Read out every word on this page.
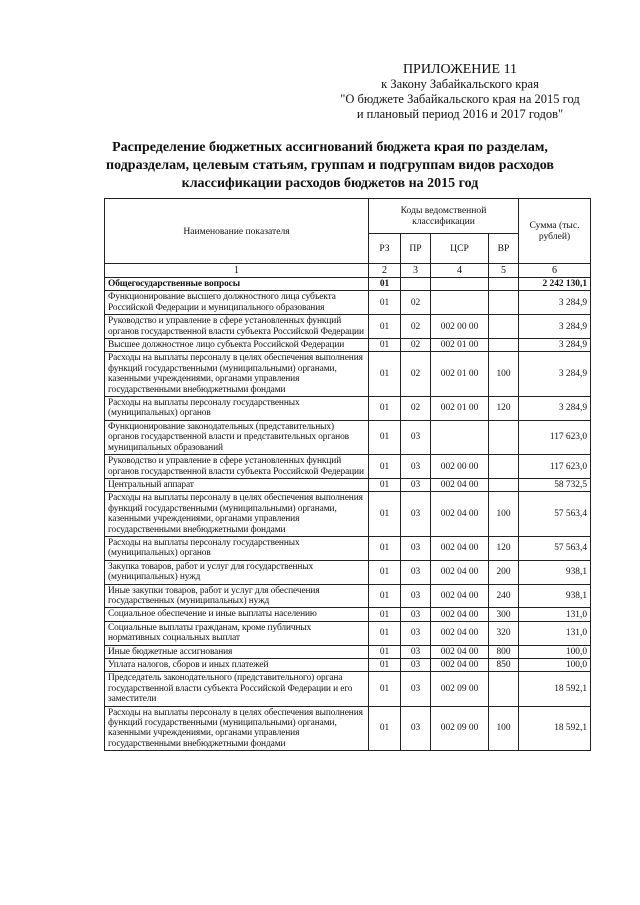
ПРИЛОЖЕНИЕ 11
к Закону Забайкальского края
"О бюджете Забайкальского края на 2015 год
и плановый период 2016 и 2017 годов"
Распределение бюджетных ассигнований бюджета края по разделам,
подразделам, целевым статьям, группам и подгруппам видов расходов
классификации расходов бюджетов на 2015 год
Наименование показателя	Коды ведомственной классификации				Сумма (тыс. рублей)
	РЗ	ПР	ЦСР	ВР	
1	2	3	4	5	6
Общегосударственные вопросы	01				2 242 130,1
Функционирование высшего должностного лица субъекта Российской Федерации и муниципального образования	01	02			3 284,9
Руководство и управление в сфере установленных функций органов государственной власти субъекта Российской Федерации	01	02	002 00 00		3 284,9
Высшее должностное лицо субъекта Российской Федерации	01	02	002 01 00		3 284,9
Расходы на выплаты персоналу в целях обеспечения выполнения функций государственными (муниципальными) органами, казенными учреждениями, органами управления государственными внебюджетными фондами	01	02	002 01 00	100	3 284,9
Расходы на выплаты персоналу государственных (муниципальных) органов	01	02	002 01 00	120	3 284,9
Функционирование законодательных (представительных) органов государственной власти и представительных органов муниципальных образований	01	03			117 623,0
Руководство и управление в сфере установленных функций органов государственной власти субъекта Российской Федерации	01	03	002 00 00		117 623,0
Центральный аппарат	01	03	002 04 00		58 732,5
Расходы на выплаты персоналу в целях обеспечения выполнения функций государственными (муниципальными) органами, казенными учреждениями, органами управления государственными внебюджетными фондами	01	03	002 04 00	100	57 563,4
Расходы на выплаты персоналу государственных (муниципальных) органов	01	03	002 04 00	120	57 563,4
Закупка товаров, работ и услуг для государственных (муниципальных) нужд	01	03	002 04 00	200	938,1
Иные закупки товаров, работ и услуг для обеспечения государственных (муниципальных) нужд	01	03	002 04 00	240	938,1
Социальное обеспечение и иные выплаты населению	01	03	002 04 00	300	131,0
Социальные выплаты гражданам, кроме публичных нормативных социальных выплат	01	03	002 04 00	320	131,0
Иные бюджетные ассигнования	01	03	002 04 00	800	100,0
Уплата налогов, сборов и иных платежей	01	03	002 04 00	850	100,0
Председатель законодательного (представительного) органа государственной власти субъекта Российской Федерации и его заместители	01	03	002 09 00		18 592,1
Расходы на выплаты персоналу в целях обеспечения выполнения функций государственными (муниципальными) органами, казенными учреждениями, органами управления государственными внебюджетными фондами	01	03	002 09 00	100	18 592,1
